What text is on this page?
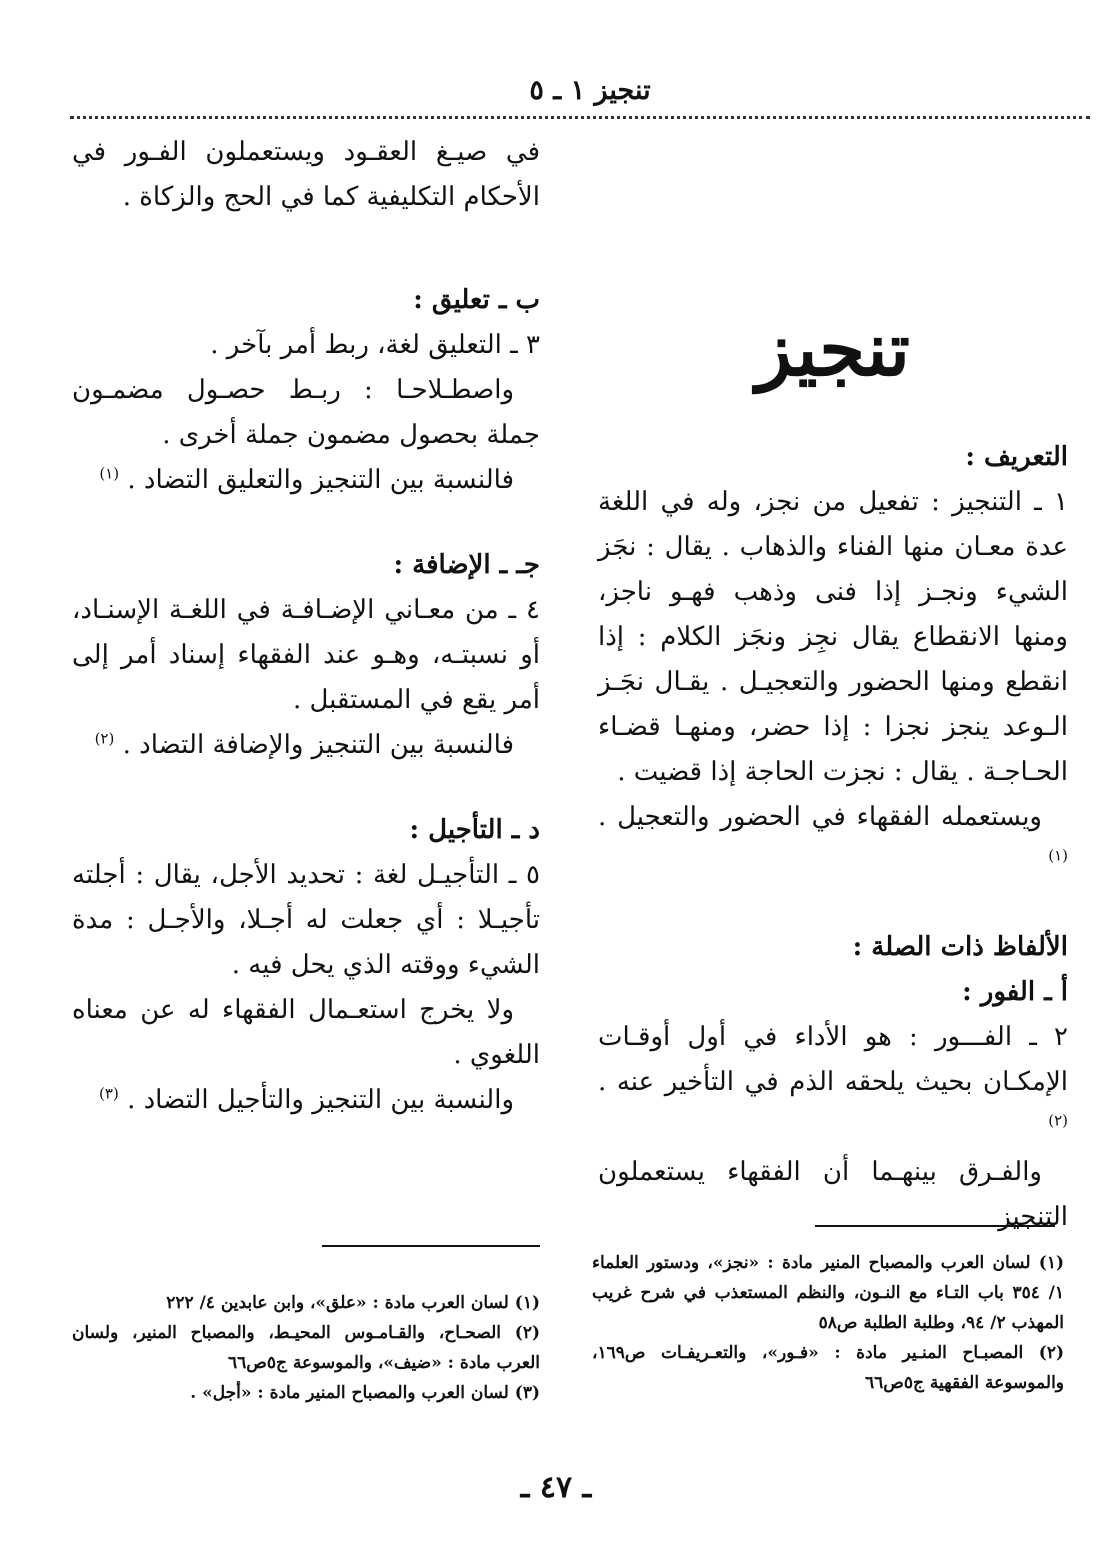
تنجيز ١ ـ ٥

تنجيز

التعريف :

١ ـ التنجيز : تفعيل من نجز، وله في اللغة عدة معـان منها الفناء والذهاب . يقال : نجَز الشيء ونجـز إذا فنى وذهب فهـو ناجز، ومنها الانقطاع يقال نجِز ونجَز الكلام : إذا انقطع ومنها الحضور والتعجيـل . يقـال نجَـز الـوعد ينجز نجزا : إذا حضر، ومنهـا قضـاء الحـاجـة . يقال : نجزت الحاجة إذا قضيت .

ويستعمله الفقهاء في الحضور والتعجيل . $^{(١)}$

الألفاظ ذات الصلة :

أ ـ الفور :

٢ ـ الفـــور : هو الأداء في أول أوقـات الإمكـان بحيث يلحقه الذم في التأخير عنه . $^{(٢)}$

والفـرق بينهـما أن الفقهاء يستعملون التنجيز

في صيـغ العقـود ويستعملون الفـور في الأحكام التكليفية كما في الحج والزكاة .

ب ـ تعليق :

٣ ـ التعليق لغة، ربط أمر بآخر .

واصطـلاحـا : ربـط حصـول مضمـون جملة بحصول مضمون جملة أخرى .

فالنسبة بين التنجيز والتعليق التضاد . $^{(١)}$

جـ ـ الإضافة :

٤ ـ من معـاني الإضـافـة في اللغـة الإسنـاد، أو نسبتـه، وهـو عند الفقهاء إسناد أمر إلى أمر يقع في المستقبل .

فالنسبة بين التنجيز والإضافة التضاد . $^{(٢)}$

د ـ التأجيل :

٥ ـ التأجيـل لغة : تحديد الأجل، يقال : أجلته تأجيـلا : أي جعلت له أجـلا، والأجـل : مدة الشيء ووقته الذي يحل فيه .

ولا يخرج استعـمال الفقهاء له عن معناه اللغوي .

والنسبة بين التنجيز والتأجيل التضاد . $^{(٣)}$

(١) لسان العرب والمصباح المنير مادة : «نجز»، ودستور العلماء ١/ ٣٥٤ باب التـاء مع النـون، والنظم المستعذب في شرح غريب المهذب ٢/ ٩٤، وطلبة الطلبة ص٥٨

(٢) المصبـاح المنـير مادة : «فـور»، والتعـريفـات ص١٦٩، والموسوعة الفقهية ج٥ص٦٦

(١) لسان العرب مادة : «علق»، وابن عابدين ٤/ ٢٢٢

(٢) الصحـاح، والقـامـوس المحيـط، والمصباح المنير، ولسان العرب مادة : «ضيف»، والموسوعة ج٥ص٦٦

(٣) لسان العرب والمصباح المنير مادة : «أجل» .

ـ ٤٧ ـ
